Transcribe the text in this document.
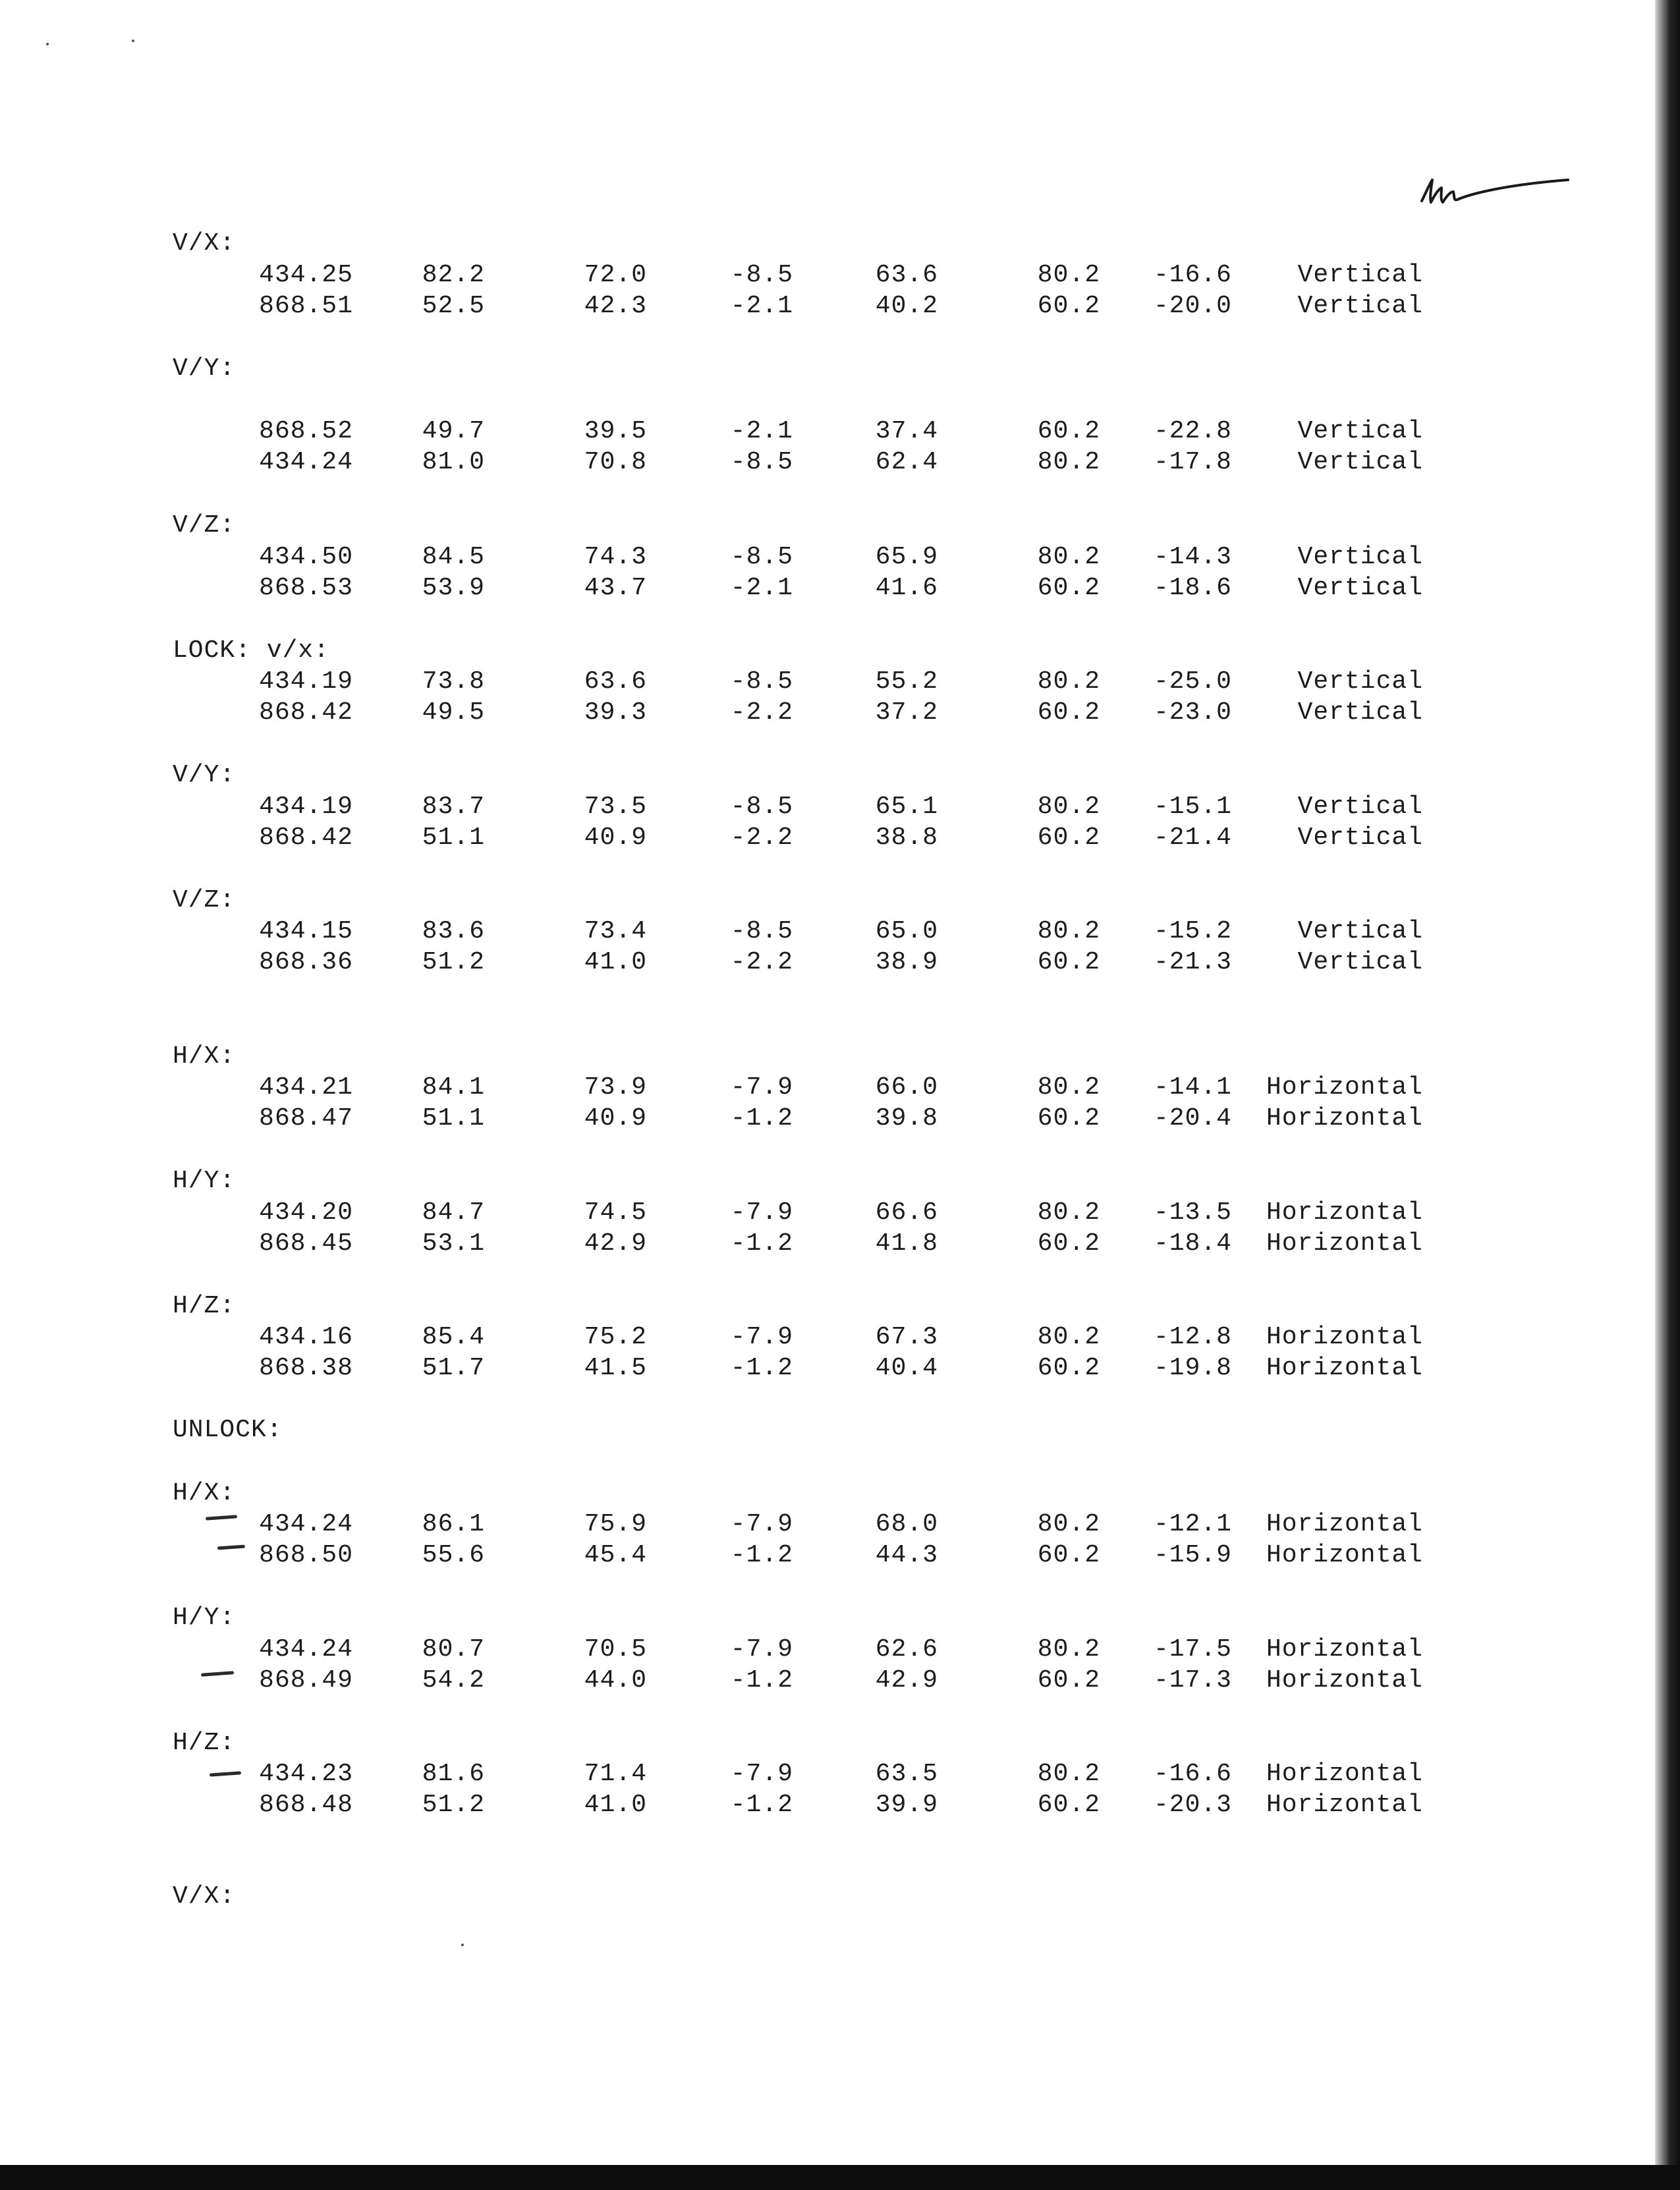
V/X:
434.25	82.2	72.0	-8.5	63.6	80.2	-16.6	Vertical
868.51	52.5	42.3	-2.1	40.2	60.2	-20.0	Vertical
V/Y:
868.52	49.7	39.5	-2.1	37.4	60.2	-22.8	Vertical
434.24	81.0	70.8	-8.5	62.4	80.2	-17.8	Vertical
V/Z:
434.50	84.5	74.3	-8.5	65.9	80.2	-14.3	Vertical
868.53	53.9	43.7	-2.1	41.6	60.2	-18.6	Vertical
LOCK: v/x:
434.19	73.8	63.6	-8.5	55.2	80.2	-25.0	Vertical
868.42	49.5	39.3	-2.2	37.2	60.2	-23.0	Vertical
V/Y:
434.19	83.7	73.5	-8.5	65.1	80.2	-15.1	Vertical
868.42	51.1	40.9	-2.2	38.8	60.2	-21.4	Vertical
V/Z:
434.15	83.6	73.4	-8.5	65.0	80.2	-15.2	Vertical
868.36	51.2	41.0	-2.2	38.9	60.2	-21.3	Vertical
H/X:
434.21	84.1	73.9	-7.9	66.0	80.2	-14.1	Horizontal
868.47	51.1	40.9	-1.2	39.8	60.2	-20.4	Horizontal
H/Y:
434.20	84.7	74.5	-7.9	66.6	80.2	-13.5	Horizontal
868.45	53.1	42.9	-1.2	41.8	60.2	-18.4	Horizontal
H/Z:
434.16	85.4	75.2	-7.9	67.3	80.2	-12.8	Horizontal
868.38	51.7	41.5	-1.2	40.4	60.2	-19.8	Horizontal
UNLOCK:
H/X:
434.24	86.1	75.9	-7.9	68.0	80.2	-12.1	Horizontal
868.50	55.6	45.4	-1.2	44.3	60.2	-15.9	Horizontal
H/Y:
434.24	80.7	70.5	-7.9	62.6	80.2	-17.5	Horizontal
868.49	54.2	44.0	-1.2	42.9	60.2	-17.3	Horizontal
H/Z:
434.23	81.6	71.4	-7.9	63.5	80.2	-16.6	Horizontal
868.48	51.2	41.0	-1.2	39.9	60.2	-20.3	Horizontal
V/X:
